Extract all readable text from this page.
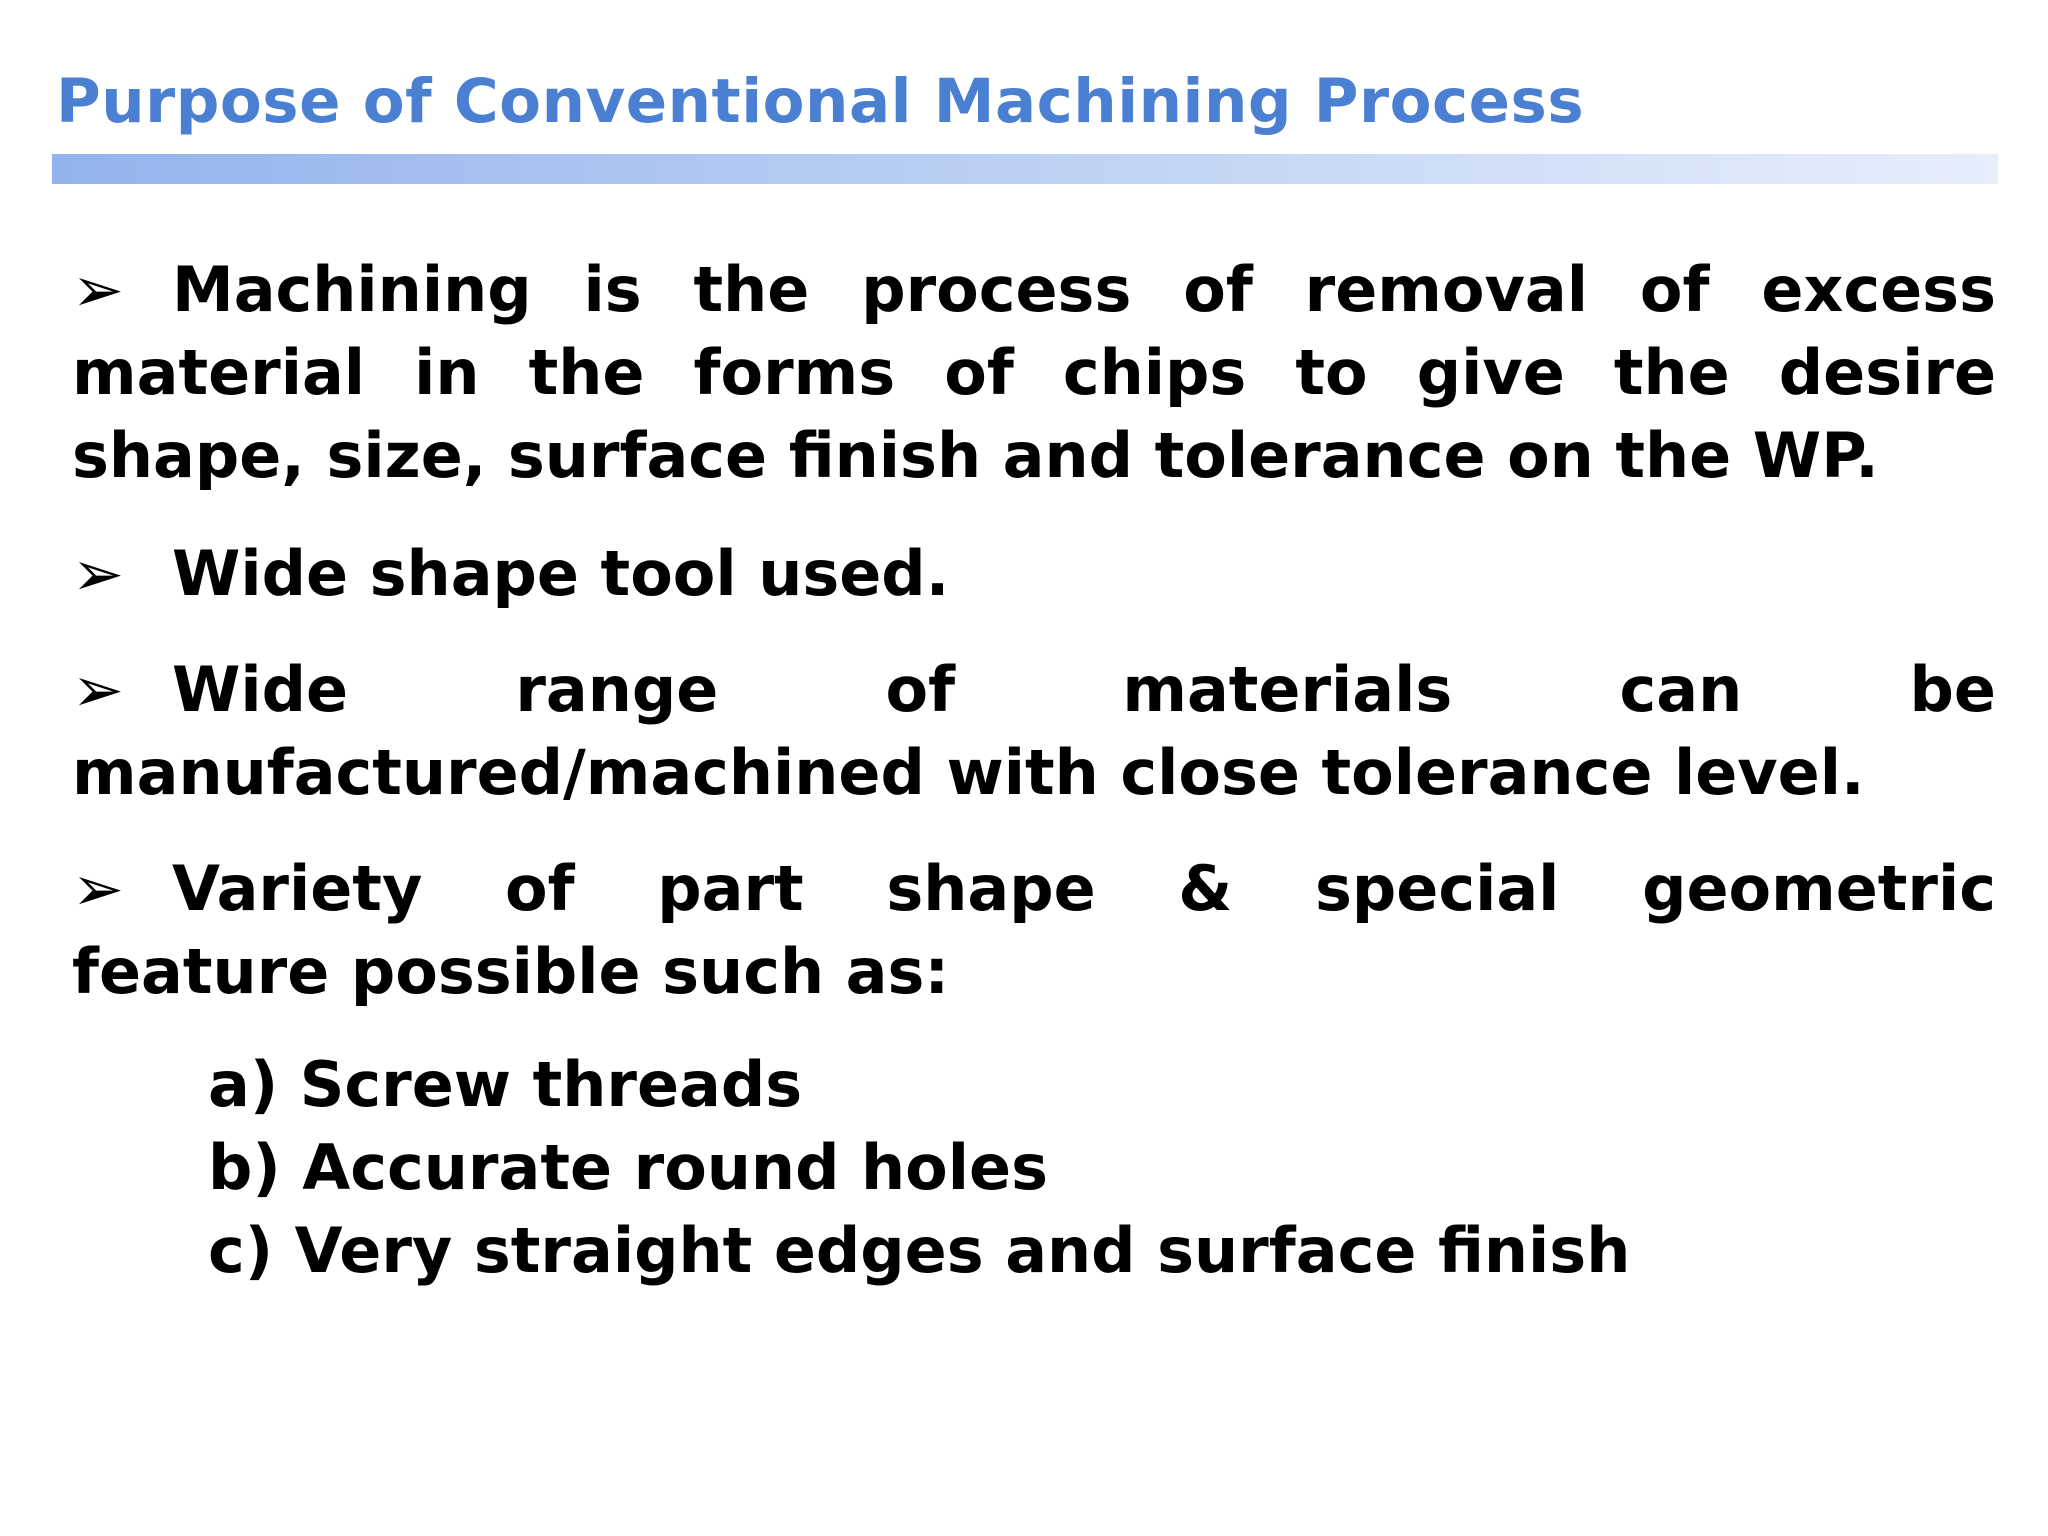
Purpose of Conventional Machining Process

➢ Machining is the process of removal of excess material in the forms of chips to give the desire shape, size, surface finish and tolerance on the WP.

➢ Wide shape tool used.

➢ Wide	range	of	materials	can	be
manufactured/machined with close tolerance level.
➢ Variety of part shape & special geometric
feature possible such as:
a) Screw threads
b) Accurate round holes
c) Very straight edges and surface finish
